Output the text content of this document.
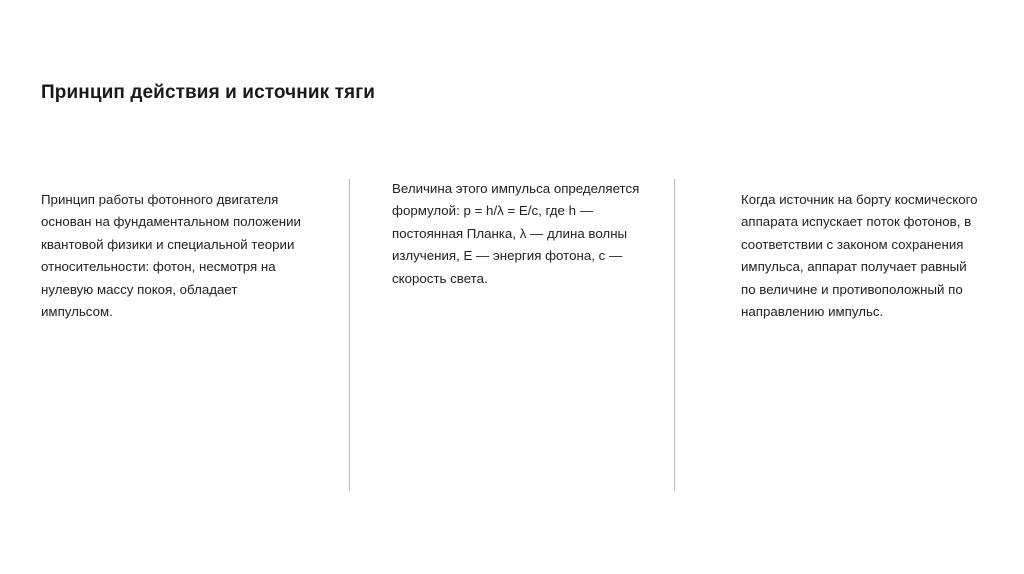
Принцип действия и источник тяги

Принцип работы фотонного двигателя основан на фундаментальном положении квантовой физики и специальной теории относительности: фотон, несмотря на нулевую массу покоя, обладает импульсом.

Величина этого импульса определяется формулой: p = h/λ = E/c, где h — постоянная Планка, λ — длина волны излучения, E — энергия фотона, c — скорость света.

Когда источник на борту космического аппарата испускает поток фотонов, в соответствии с законом сохранения импульса, аппарат получает равный по величине и противоположный по направлению импульс.
